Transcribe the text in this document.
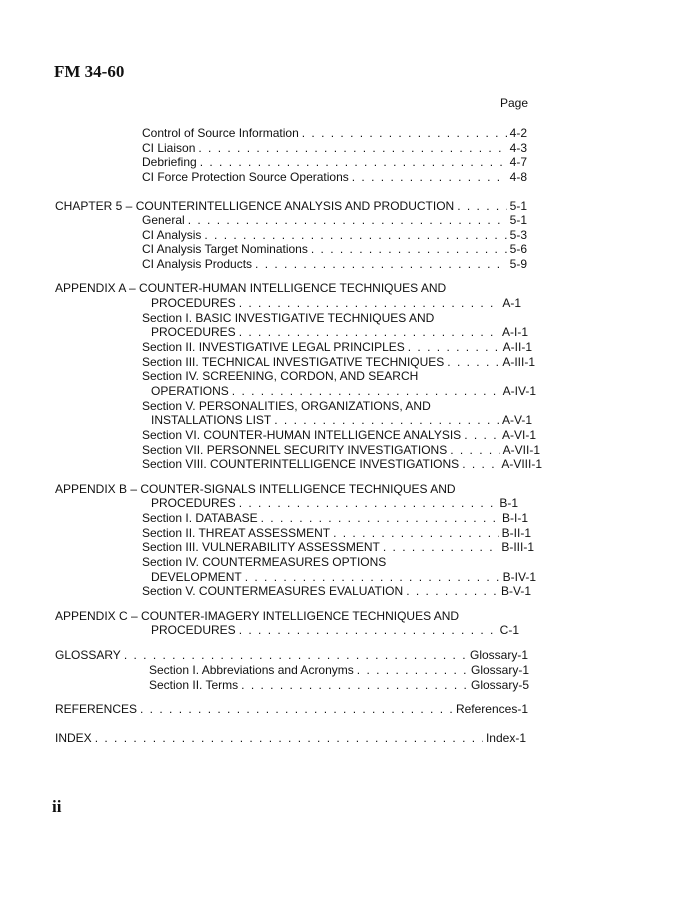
FM 34-60
Page
Control of Source Information . . .	4-2
CI Liaison . . .	4-3
Debriefing . . .	4-7
CI Force Protection Source Operations . . .	4-8
CHAPTER 5 – COUNTERINTELLIGENCE ANALYSIS AND PRODUCTION . . .	5-1
General . . .	5-1
CI Analysis . . .	5-3
CI Analysis Target Nominations . . .	5-6
CI Analysis Products . . .	5-9
APPENDIX A – COUNTER-HUMAN INTELLIGENCE TECHNIQUES AND
PROCEDURES . . .	A-1
Section I. BASIC INVESTIGATIVE TECHNIQUES AND
PROCEDURES . . .	A-I-1
Section II. INVESTIGATIVE LEGAL PRINCIPLES . . .	A-II-1
Section III. TECHNICAL INVESTIGATIVE TECHNIQUES . . .	A-III-1
Section IV. SCREENING, CORDON, AND SEARCH
OPERATIONS . . .	A-IV-1
Section V. PERSONALITIES, ORGANIZATIONS, AND
INSTALLATIONS LIST . . .	A-V-1
Section VI. COUNTER-HUMAN INTELLIGENCE ANALYSIS . . .	A-VI-1
Section VII. PERSONNEL SECURITY INVESTIGATIONS . . .	A-VII-1
Section VIII. COUNTERINTELLIGENCE INVESTIGATIONS . . .	A-VIII-1
APPENDIX B – COUNTER-SIGNALS INTELLIGENCE TECHNIQUES AND
PROCEDURES . . .	B-1
Section I. DATABASE . . .	B-I-1
Section II. THREAT ASSESSMENT . . .	B-II-1
Section III. VULNERABILITY ASSESSMENT . . .	B-III-1
Section IV. COUNTERMEASURES OPTIONS
DEVELOPMENT . . .	B-IV-1
Section V. COUNTERMEASURES EVALUATION . . .	B-V-1
APPENDIX C – COUNTER-IMAGERY INTELLIGENCE TECHNIQUES AND
PROCEDURES . . .	C-1
GLOSSARY . . .	Glossary-1
Section I. Abbreviations and Acronyms . . .	Glossary-1
Section II. Terms . . .	Glossary-5
REFERENCES . . .	References-1
INDEX . . .	Index-1
ii
